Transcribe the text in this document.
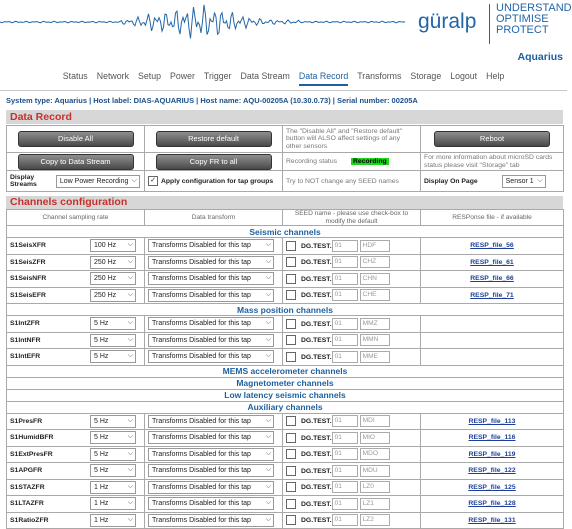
güralp
UNDERSTAND
OPTIMISE
PROTECT
Aquarius
Status Network Setup Power Trigger Data Stream Data Record Transforms Storage Logout Help
System type: Aquarius | Host label: DIAS-AQUARIUS | Host name: AQU-00205A (10.30.0.73) | Serial number: 00205A
Data Record
Disable All	Restore default	The "Disable All" and "Restore default" button will ALSO affect settings of any other sensors	Reboot
Copy to Data Stream	Copy FR to all	Recording status Recording	For more information about microSD cards status please visit "Storage" tab
Display Streams Low Power Recording ⌵	✓ Apply configuration for tap groups	Try to NOT change any SEED names	Display On Page Sensor 1 ⌵
Channels configuration
Channel sampling rate	Data transform	SEED name - please use check-box to modify the default	RESPonse file - if available
Seismic channels			
S1SeisXFR 100 Hz ⌵	Transforms Disabled for this tap ⌵	DG.TEST. 01 HDF	RESP_file_56
S1SeisZFR 250 Hz ⌵	Transforms Disabled for this tap ⌵	DG.TEST. 01 CHZ	RESP_file_61
S1SeisNFR 250 Hz ⌵	Transforms Disabled for this tap ⌵	DG.TEST. 01 CHN	RESP_file_66
S1SeisEFR 250 Hz ⌵	Transforms Disabled for this tap ⌵	DG.TEST. 01 CHE	RESP_file_71
Mass position channels			
S1IntZFR 5 Hz ⌵	Transforms Disabled for this tap ⌵	DG.TEST. 01 MMZ	
S1IntNFR 5 Hz ⌵	Transforms Disabled for this tap ⌵	DG.TEST. 01 MMN	
S1IntEFR 5 Hz ⌵	Transforms Disabled for this tap ⌵	DG.TEST. 01 MME	
MEMS accelerometer channels			
Magnetometer channels			
Low latency seismic channels			
Auxiliary channels			
S1PresFR 5 Hz ⌵	Transforms Disabled for this tap ⌵	DG.TEST. 01 MDI	RESP_file_113
S1HumidBFR 5 Hz ⌵	Transforms Disabled for this tap ⌵	DG.TEST. 01 MIO	RESP_file_116
S1ExtPresFR 5 Hz ⌵	Transforms Disabled for this tap ⌵	DG.TEST. 01 MDO	RESP_file_119
S1APGFR 5 Hz ⌵	Transforms Disabled for this tap ⌵	DG.TEST. 01 MDU	RESP_file_122
S1STAZFR 1 Hz ⌵	Transforms Disabled for this tap ⌵	DG.TEST. 01 LZ0	RESP_file_125
S1LTAZFR 1 Hz ⌵	Transforms Disabled for this tap ⌵	DG.TEST. 01 LZ1	RESP_file_128
S1RatioZFR 1 Hz ⌵	Transforms Disabled for this tap ⌵	DG.TEST. 01 LZ2	RESP_file_131
